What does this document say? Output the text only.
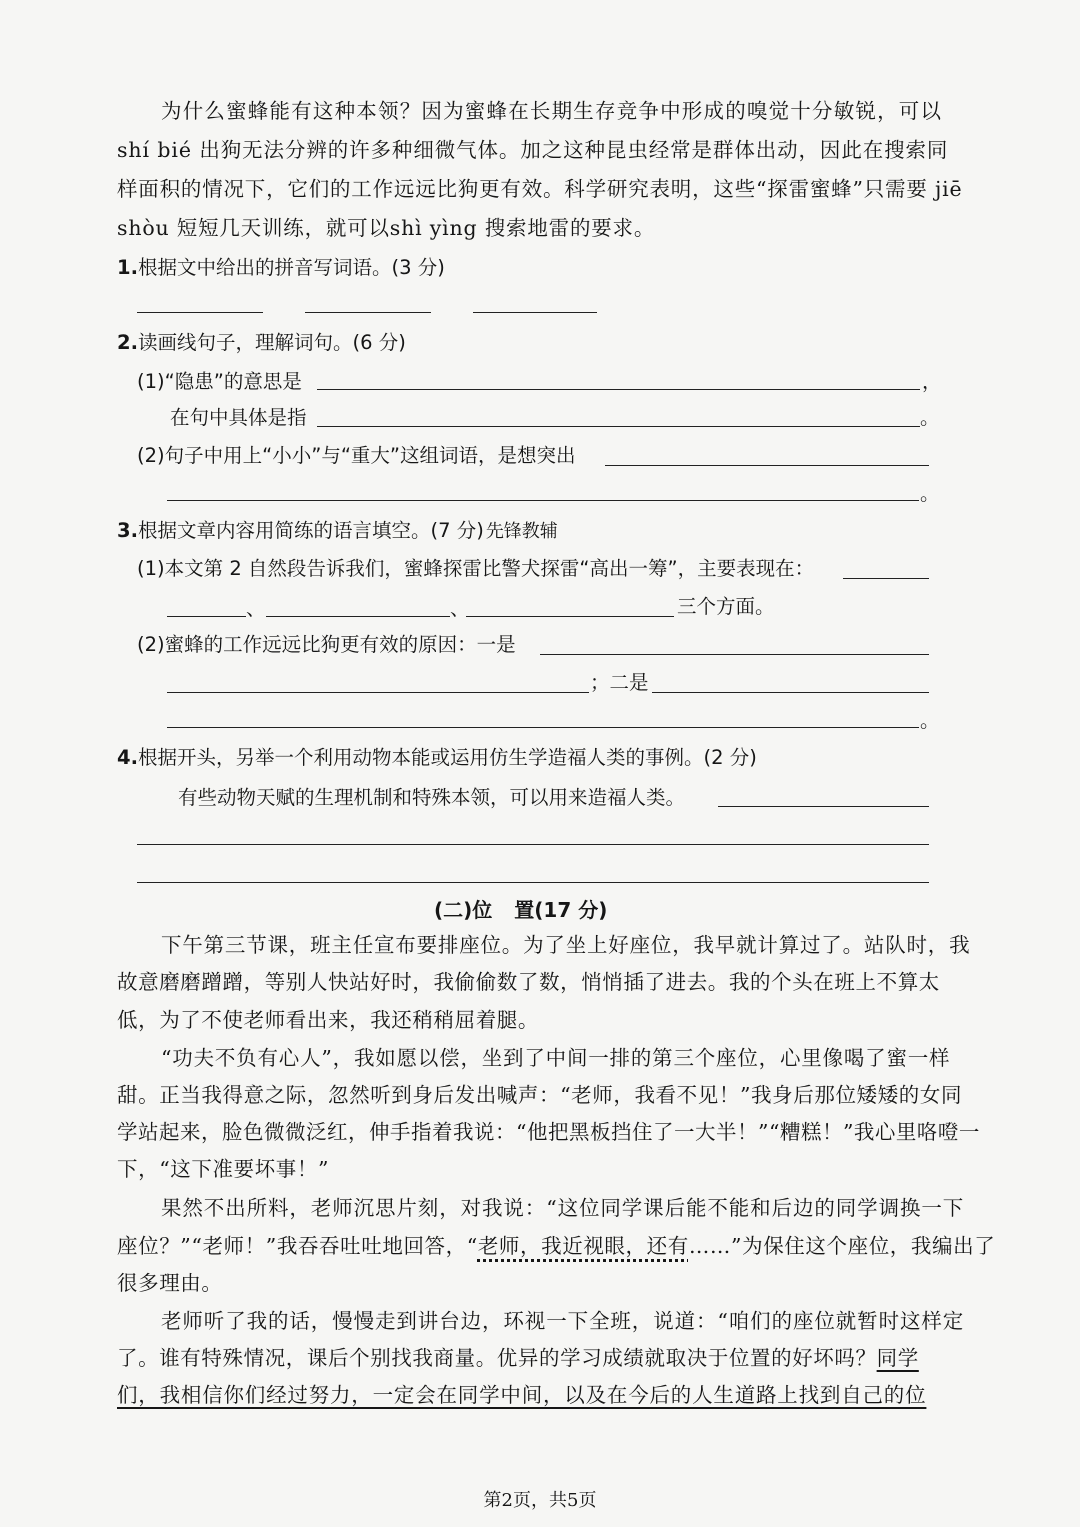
为什么蜜蜂能有这种本领？因为蜜蜂在长期生存竞争中形成的嗅觉十分敏锐，可以
shí bié 出狗无法分辨的许多种细微气体。加之这种昆虫经常是群体出动，因此在搜索同
样面积的情况下，它们的工作远远比狗更有效。科学研究表明，这些“探雷蜜蜂”只需要 jiē
shòu 短短几天训练，就可以shì yìng 搜索地雷的要求。
1.根据文中给出的拼音写词语。(3 分)
2.读画线句子，理解词句。(6 分)
(1)“隐患”的意思是	，
在句中具体是指	。
(2)句子中用上“小小”与“重大”这组词语，是想突出
。
3.根据文章内容用简练的语言填空。(7 分) 先锋教辅
(1)本文第 2 自然段告诉我们，蜜蜂探雷比警犬探雷“高出一筹”，主要表现在：
、	、	三个方面。
(2)蜜蜂的工作远远比狗更有效的原因：一是
；二是
。
4.根据开头，另举一个利用动物本能或运用仿生学造福人类的事例。(2 分)
有些动物天赋的生理机制和特殊本领，可以用来造福人类。
(二)位 置(17 分)
下午第三节课，班主任宣布要排座位。为了坐上好座位，我早就计算过了。站队时，我
故意磨磨蹭蹭，等别人快站好时，我偷偷数了数，悄悄插了进去。我的个头在班上不算太
低，为了不使老师看出来，我还稍稍屈着腿。
“功夫不负有心人”，我如愿以偿，坐到了中间一排的第三个座位，心里像喝了蜜一样
甜。正当我得意之际，忽然听到身后发出喊声：“老师，我看不见！”我身后那位矮矮的女同
学站起来，脸色微微泛红，伸手指着我说：“他把黑板挡住了一大半！”“糟糕！”我心里咯噔一
下，“这下准要坏事！”
果然不出所料，老师沉思片刻，对我说：“这位同学课后能不能和后边的同学调换一下
座位？”“老师！”我吞吞吐吐地回答，“老师，我近视眼，还有……”为保住这个座位，我编出了
很多理由。
老师听了我的话，慢慢走到讲台边，环视一下全班，说道：“咱们的座位就暂时这样定
了。谁有特殊情况，课后个别找我商量。优异的学习成绩就取决于位置的好坏吗？同学
们，我相信你们经过努力，一定会在同学中间，以及在今后的人生道路上找到自己的位
第2页，共5页
